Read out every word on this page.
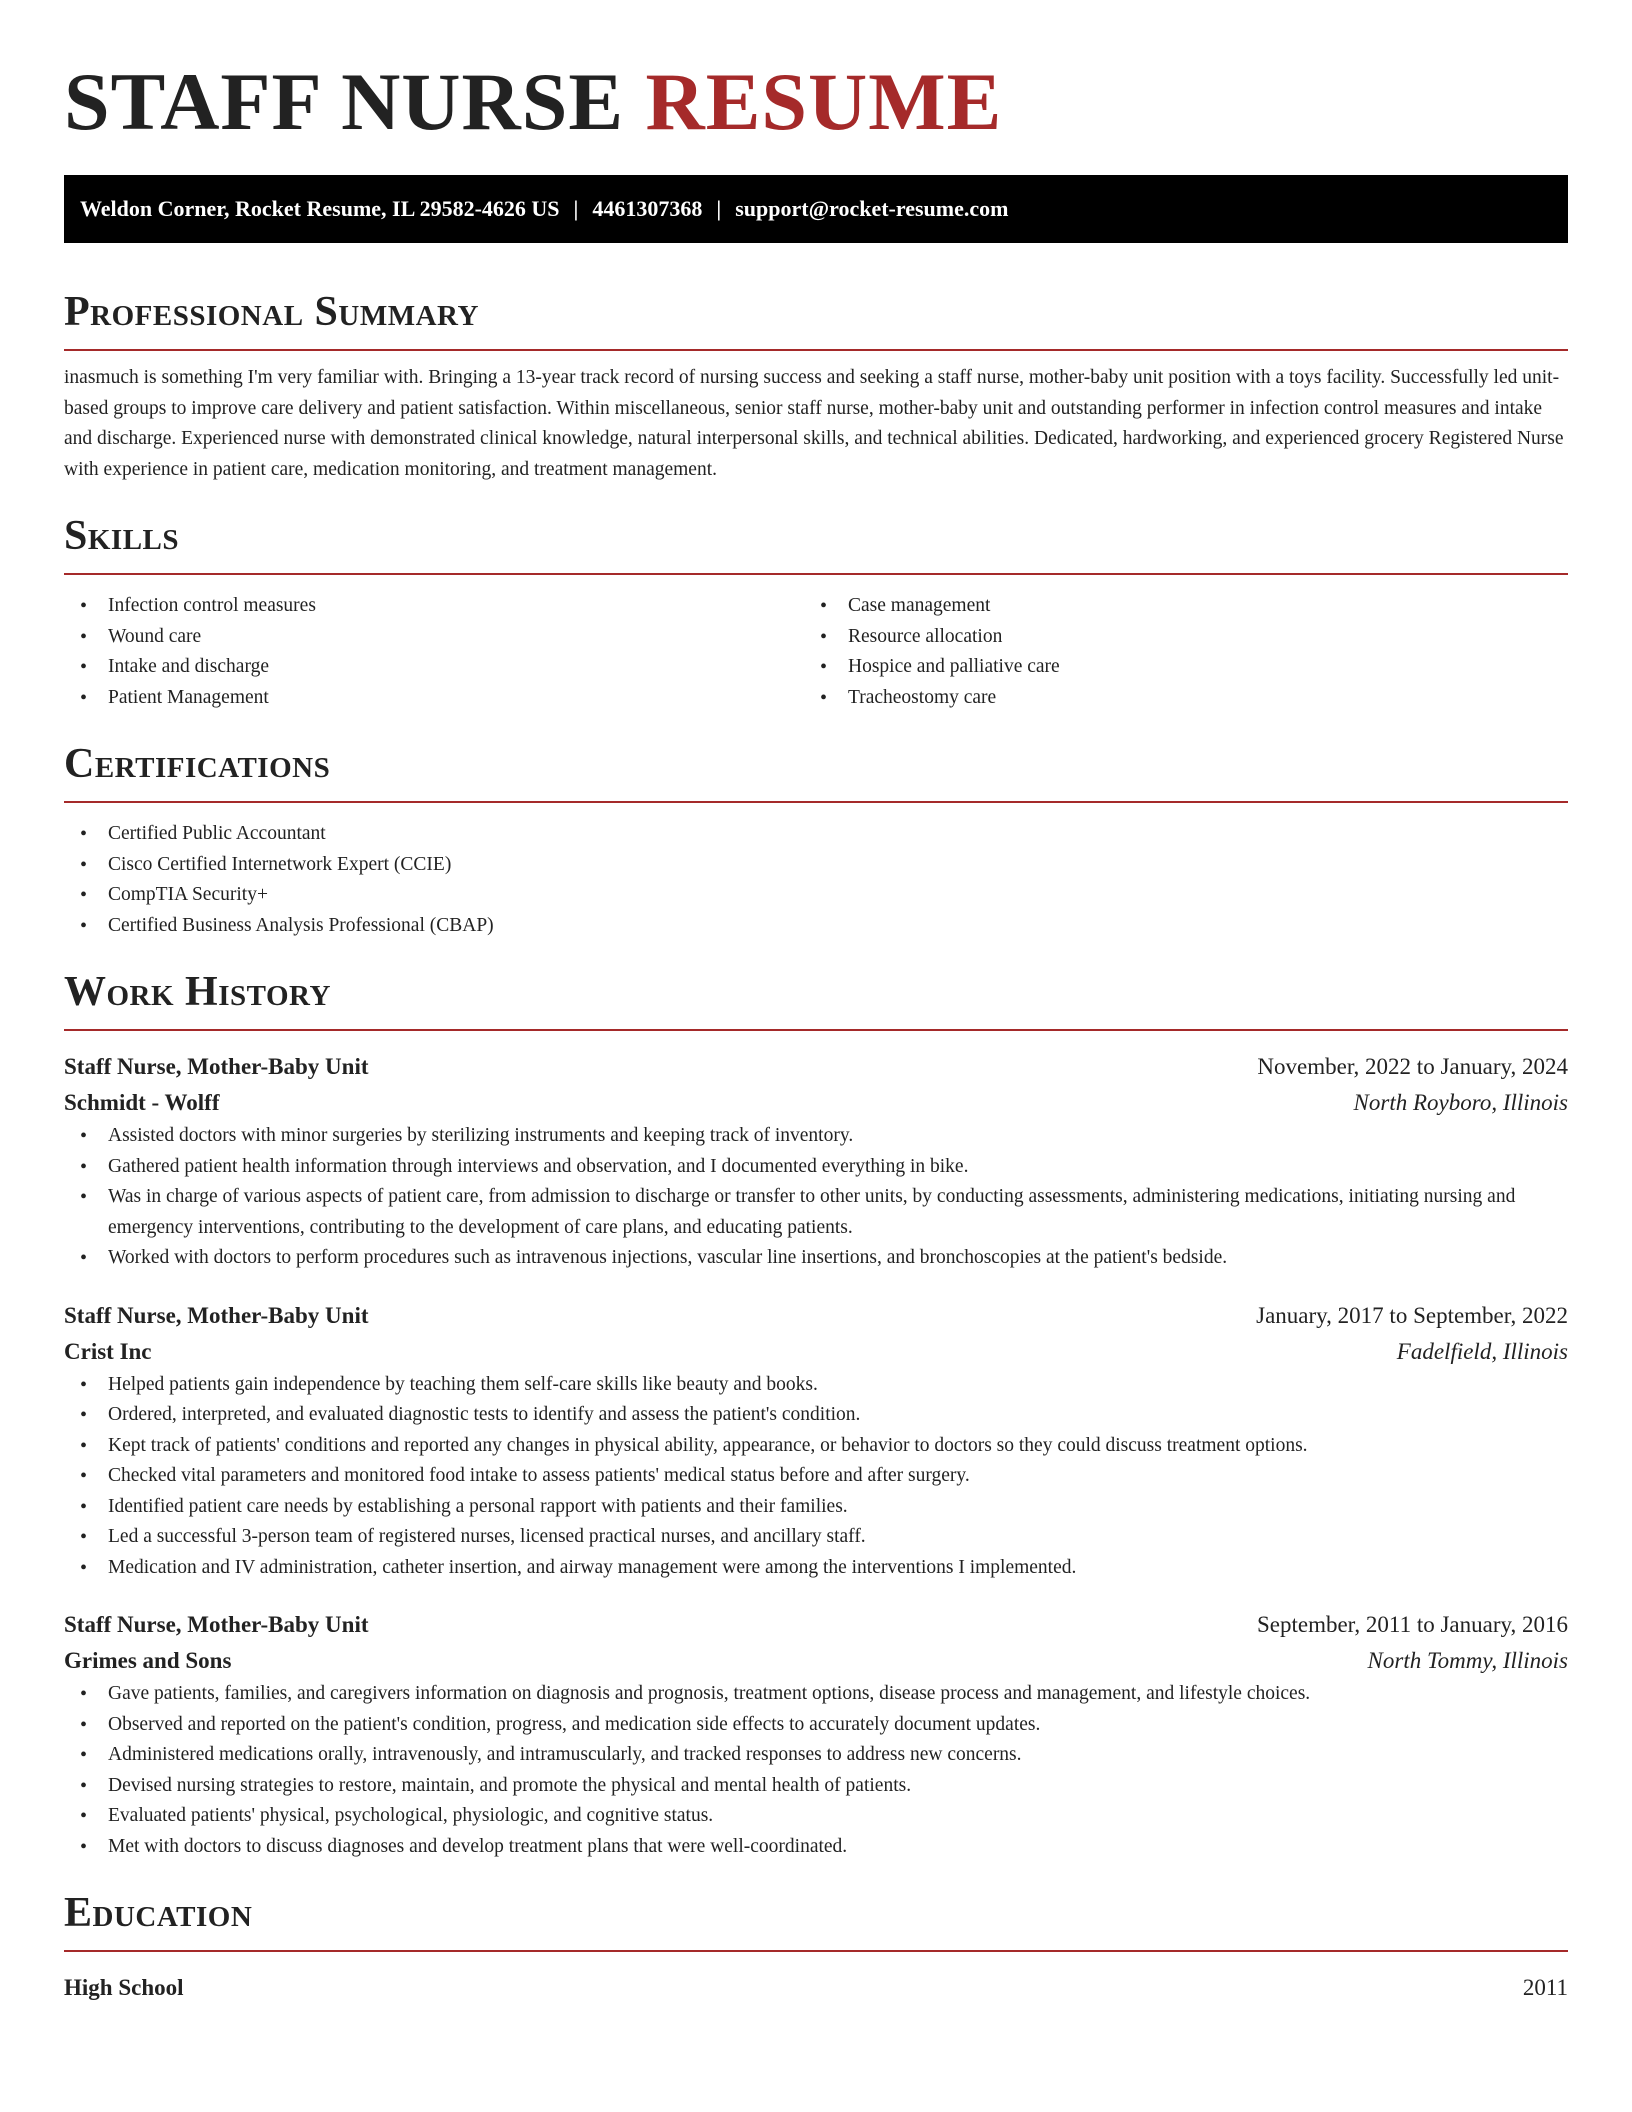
STAFF NURSE RESUME
Weldon Corner, Rocket Resume, IL 29582-4626 US | 4461307368 | support@rocket-resume.com
Professional Summary

inasmuch is something I'm very familiar with. Bringing a 13-year track record of nursing success and seeking a staff nurse, mother-baby unit position with a toys facility. Successfully led unit-based groups to improve care delivery and patient satisfaction. Within miscellaneous, senior staff nurse, mother-baby unit and outstanding performer in infection control measures and intake and discharge. Experienced nurse with demonstrated clinical knowledge, natural interpersonal skills, and technical abilities. Dedicated, hardworking, and experienced grocery Registered Nurse with experience in patient care, medication monitoring, and treatment management.

Skills
• Infection control measures
• Wound care
• Intake and discharge
• Patient Management
• Case management
• Resource allocation
• Hospice and palliative care
• Tracheostomy care
Certifications
• Certified Public Accountant
• Cisco Certified Internetwork Expert (CCIE)
• CompTIA Security+
• Certified Business Analysis Professional (CBAP)
Work History
Staff Nurse, Mother-Baby Unit	November, 2022 to January, 2024
Schmidt - Wolff	North Royboro, Illinois
• Assisted doctors with minor surgeries by sterilizing instruments and keeping track of inventory.
• Gathered patient health information through interviews and observation, and I documented everything in bike.
• Was in charge of various aspects of patient care, from admission to discharge or transfer to other units, by conducting assessments, administering medications, initiating nursing and emergency interventions, contributing to the development of care plans, and educating patients.
• Worked with doctors to perform procedures such as intravenous injections, vascular line insertions, and bronchoscopies at the patient's bedside.
Staff Nurse, Mother-Baby Unit	January, 2017 to September, 2022
Crist Inc	Fadelfield, Illinois
• Helped patients gain independence by teaching them self-care skills like beauty and books.
• Ordered, interpreted, and evaluated diagnostic tests to identify and assess the patient's condition.
• Kept track of patients' conditions and reported any changes in physical ability, appearance, or behavior to doctors so they could discuss treatment options.
• Checked vital parameters and monitored food intake to assess patients' medical status before and after surgery.
• Identified patient care needs by establishing a personal rapport with patients and their families.
• Led a successful 3-person team of registered nurses, licensed practical nurses, and ancillary staff.
• Medication and IV administration, catheter insertion, and airway management were among the interventions I implemented.
Staff Nurse, Mother-Baby Unit	September, 2011 to January, 2016
Grimes and Sons	North Tommy, Illinois
• Gave patients, families, and caregivers information on diagnosis and prognosis, treatment options, disease process and management, and lifestyle choices.
• Observed and reported on the patient's condition, progress, and medication side effects to accurately document updates.
• Administered medications orally, intravenously, and intramuscularly, and tracked responses to address new concerns.
• Devised nursing strategies to restore, maintain, and promote the physical and mental health of patients.
• Evaluated patients' physical, psychological, physiologic, and cognitive status.
• Met with doctors to discuss diagnoses and develop treatment plans that were well-coordinated.
Education
High School	2011
